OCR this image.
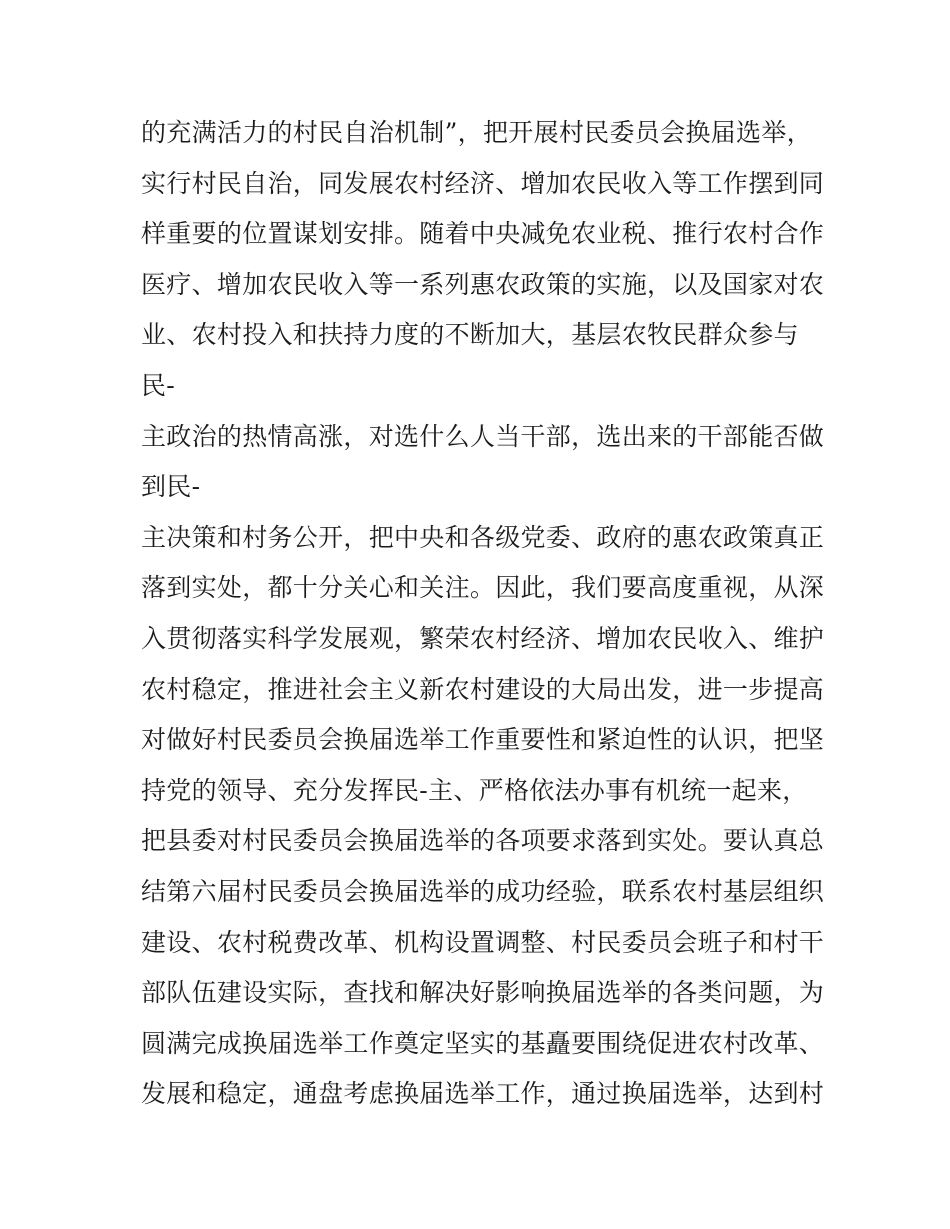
的充满活力的村民自治机制”，把开展村民委员会换届选举，
实行村民自治，同发展农村经济、增加农民收入等工作摆到同
样重要的位置谋划安排。随着中央减免农业税、推行农村合作
医疗、增加农民收入等一系列惠农政策的实施，以及国家对农
业、农村投入和扶持力度的不断加大，基层农牧民群众参与
民-
主政治的热情高涨，对选什么人当干部，选出来的干部能否做
到民-
主决策和村务公开，把中央和各级党委、政府的惠农政策真正
落到实处，都十分关心和关注。因此，我们要高度重视，从深
入贯彻落实科学发展观，繁荣农村经济、增加农民收入、维护
农村稳定，推进社会主义新农村建设的大局出发，进一步提高
对做好村民委员会换届选举工作重要性和紧迫性的认识，把坚
持党的领导、充分发挥民-主、严格依法办事有机统一起来，
把县委对村民委员会换届选举的各项要求落到实处。要认真总
结第六届村民委员会换届选举的成功经验，联系农村基层组织
建设、农村税费改革、机构设置调整、村民委员会班子和村干
部队伍建设实际，查找和解决好影响换届选举的各类问题，为
圆满完成换届选举工作奠定坚实的基矗要围绕促进农村改革、
发展和稳定，通盘考虑换届选举工作，通过换届选举，达到村
